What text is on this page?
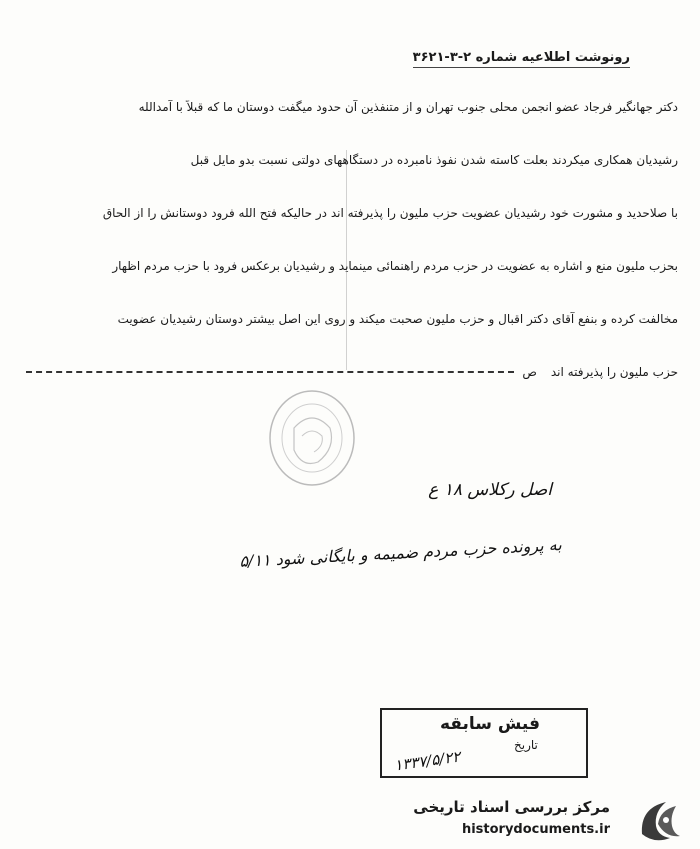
رونوشت اطلاعیه شماره ۲-۳-۳۶۲۱
دکتر جهانگیر فرجاد عضو انجمن محلی جنوب تهران و از متنفذین آن حدود میگفت دوستان ما که قبلاً با آمدالله
رشیدیان همکاری میکردند بعلت کاسته شدن نفوذ نامبرده در دستگاههای دولتی نسبت بدو مایل قبل
با صلاحدید و مشورت خود رشیدیان عضویت حزب ملیون را پذیرفته اند در حالیکه فتح الله فرود دوستانش را از الحاق
بحزب ملیون منع و اشاره به عضویت در حزب مردم راهنمائی مینماید و رشیدیان برعکس فرود با حزب مردم اظهار
مخالفت کرده و بنفع آقای دکتر اقبال و حزب ملیون صحبت میکند و روی این اصل بیشتر دوستان رشیدیان عضویت
حزب ملیون را پذیرفته اند
ص
اصل رکلاس ۱۸ ع
به پرونده حزب مردم ضمیمه و بایگانی شود ۵/۱۱
فیش سابقه
تاریخ
۱۳۳۷/۵/۲۲
مرکز بررسی اسناد تاریخی
historydocuments.ir
